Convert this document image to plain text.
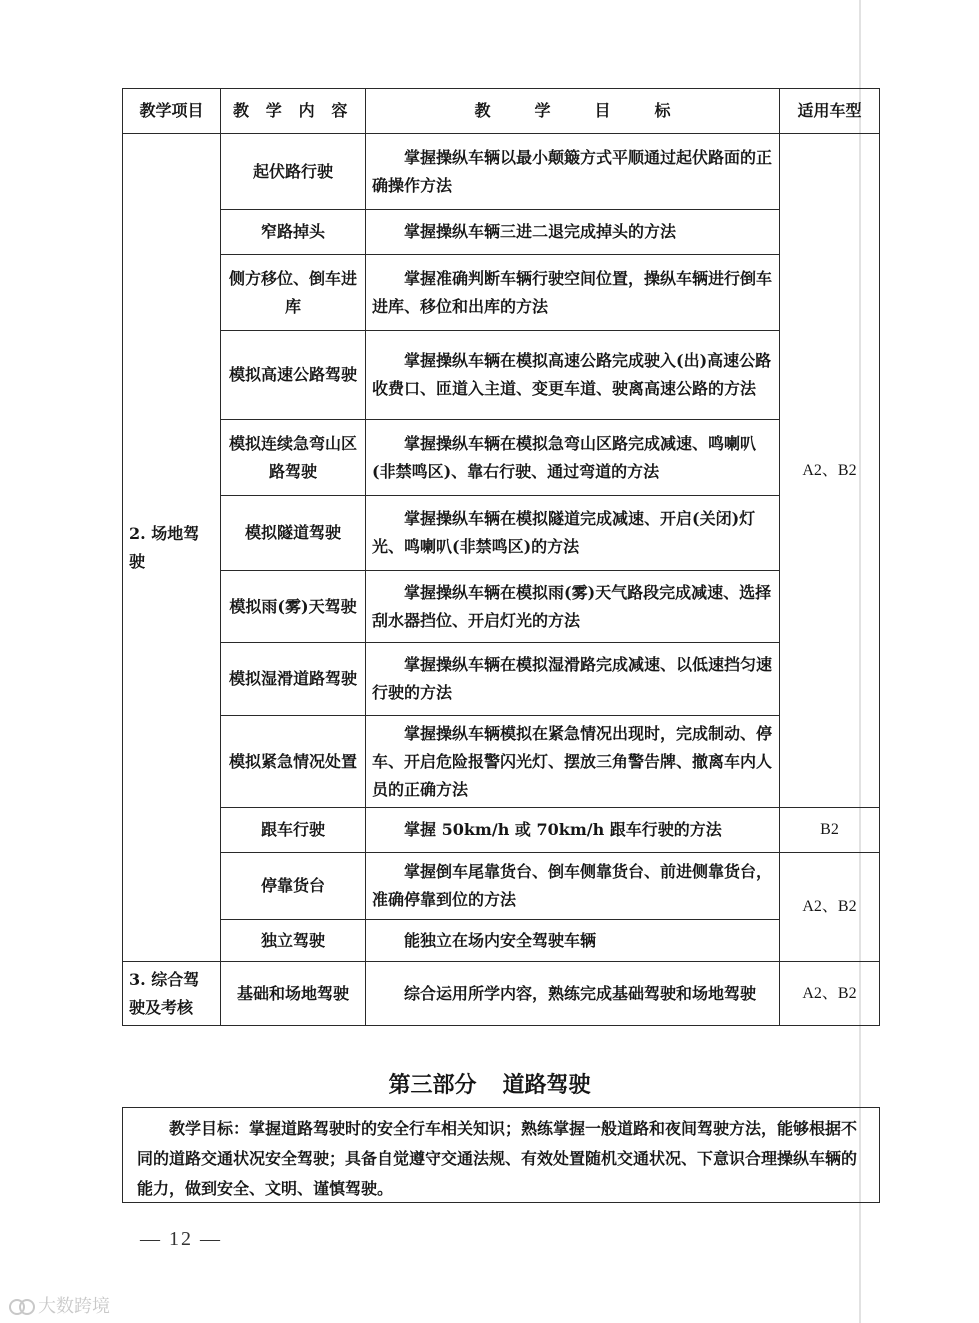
教学项目	教 学 内 容	教 学 目 标	适用车型
2. 场地驾驶	起伏路行驶	掌握操纵车辆以最小颠簸方式平顺通过起伏路面的正确操作方法	A2、B2
	窄路掉头	掌握操纵车辆三进二退完成掉头的方法	
	侧方移位、倒车进库	掌握准确判断车辆行驶空间位置，操纵车辆进行倒车进库、移位和出库的方法	
	模拟高速公路驾驶	掌握操纵车辆在模拟高速公路完成驶入(出)高速公路收费口、匝道入主道、变更车道、驶离高速公路的方法	
	模拟连续急弯山区路驾驶	掌握操纵车辆在模拟急弯山区路完成减速、鸣喇叭(非禁鸣区)、靠右行驶、通过弯道的方法	
	模拟隧道驾驶	掌握操纵车辆在模拟隧道完成减速、开启(关闭)灯光、鸣喇叭(非禁鸣区)的方法	
	模拟雨(雾)天驾驶	掌握操纵车辆在模拟雨(雾)天气路段完成减速、选择刮水器挡位、开启灯光的方法	
	模拟湿滑道路驾驶	掌握操纵车辆在模拟湿滑路完成减速、以低速挡匀速行驶的方法	
	模拟紧急情况处置	掌握操纵车辆模拟在紧急情况出现时，完成制动、停车、开启危险报警闪光灯、摆放三角警告牌、撤离车内人员的正确方法	
	跟车行驶	掌握 50km/h 或 70km/h 跟车行驶的方法	B2
	停靠货台	掌握倒车尾靠货台、倒车侧靠货台、前进侧靠货台，准确停靠到位的方法	A2、B2
	独立驾驶	能独立在场内安全驾驶车辆	
3. 综合驾驶及考核	基础和场地驾驶	综合运用所学内容，熟练完成基础驾驶和场地驾驶	A2、B2
第三部分 道路驾驶
教学目标：掌握道路驾驶时的安全行车相关知识；熟练掌握一般道路和夜间驾驶方法，能够根据不同的道路交通状况安全驾驶；具备自觉遵守交通法规、有效处置随机交通状况、下意识合理操纵车辆的能力，做到安全、文明、谨慎驾驶。
— 12 —
大数跨境
